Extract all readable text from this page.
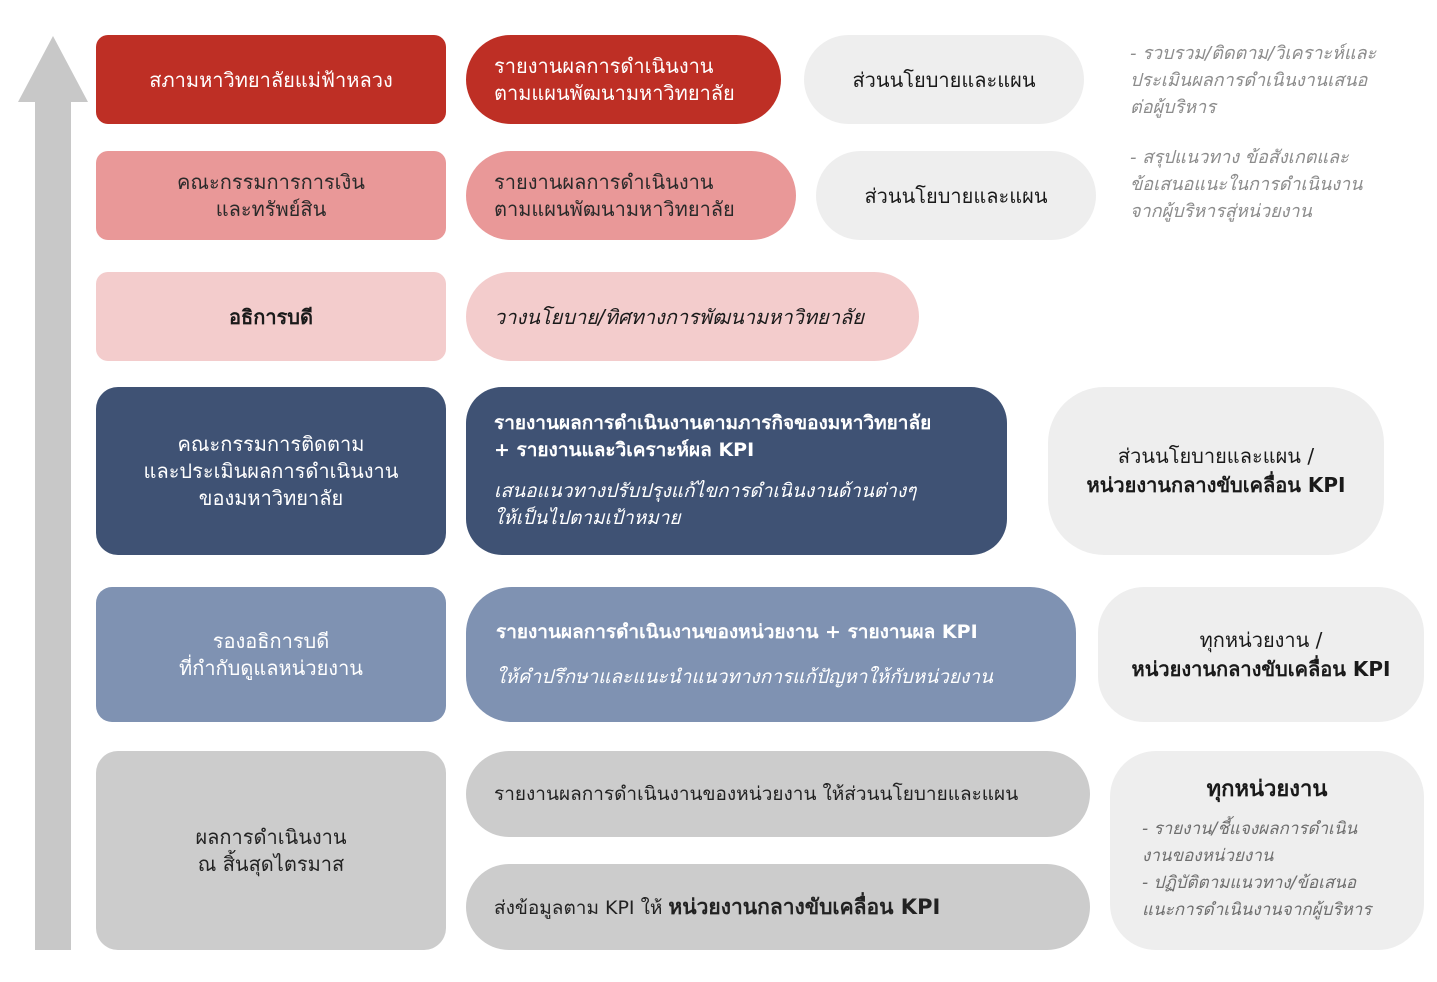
สภามหาวิทยาลัยแม่ฟ้าหลวง
รายงานผลการดำเนินงาน
ตามแผนพัฒนามหาวิทยาลัย
ส่วนนโยบายและแผน
- รวบรวม/ติดตาม/วิเคราะห์และ
ประเมินผลการดำเนินงานเสนอ
ต่อผู้บริหาร
คณะกรรมการการเงิน
และทรัพย์สิน
รายงานผลการดำเนินงาน
ตามแผนพัฒนามหาวิทยาลัย
ส่วนนโยบายและแผน
- สรุปแนวทาง ข้อสังเกตและ
ข้อเสนอแนะในการดำเนินงาน
จากผู้บริหารสู่หน่วยงาน
อธิการบดี	วางนโยบาย/ทิศทางการพัฒนามหาวิทยาลัย
คณะกรรมการติดตาม
และประเมินผลการดำเนินงาน
ของมหาวิทยาลัย
รายงานผลการดำเนินงานตามภารกิจของมหาวิทยาลัย
+ รายงานและวิเคราะห์ผล KPI
เสนอแนวทางปรับปรุงแก้ไขการดำเนินงานด้านต่างๆ
ให้เป็นไปตามเป้าหมาย
ส่วนนโยบายและแผน /
หน่วยงานกลางขับเคลื่อน KPI
รองอธิการบดี
ที่กำกับดูแลหน่วยงาน
รายงานผลการดำเนินงานของหน่วยงาน + รายงานผล KPI
ให้คำปรึกษาและแนะนำแนวทางการแก้ปัญหาให้กับหน่วยงาน
ทุกหน่วยงาน /
หน่วยงานกลางขับเคลื่อน KPI
ผลการดำเนินงาน
ณ สิ้นสุดไตรมาส
รายงานผลการดำเนินงานของหน่วยงาน ให้ส่วนนโยบายและแผน
ส่งข้อมูลตาม KPI ให้ หน่วยงานกลางขับเคลื่อน KPI
ทุกหน่วยงาน
- รายงาน/ชี้แจงผลการดำเนิน
งานของหน่วยงาน
- ปฏิบัติตามแนวทาง/ข้อเสนอ
แนะการดำเนินงานจากผู้บริหาร
